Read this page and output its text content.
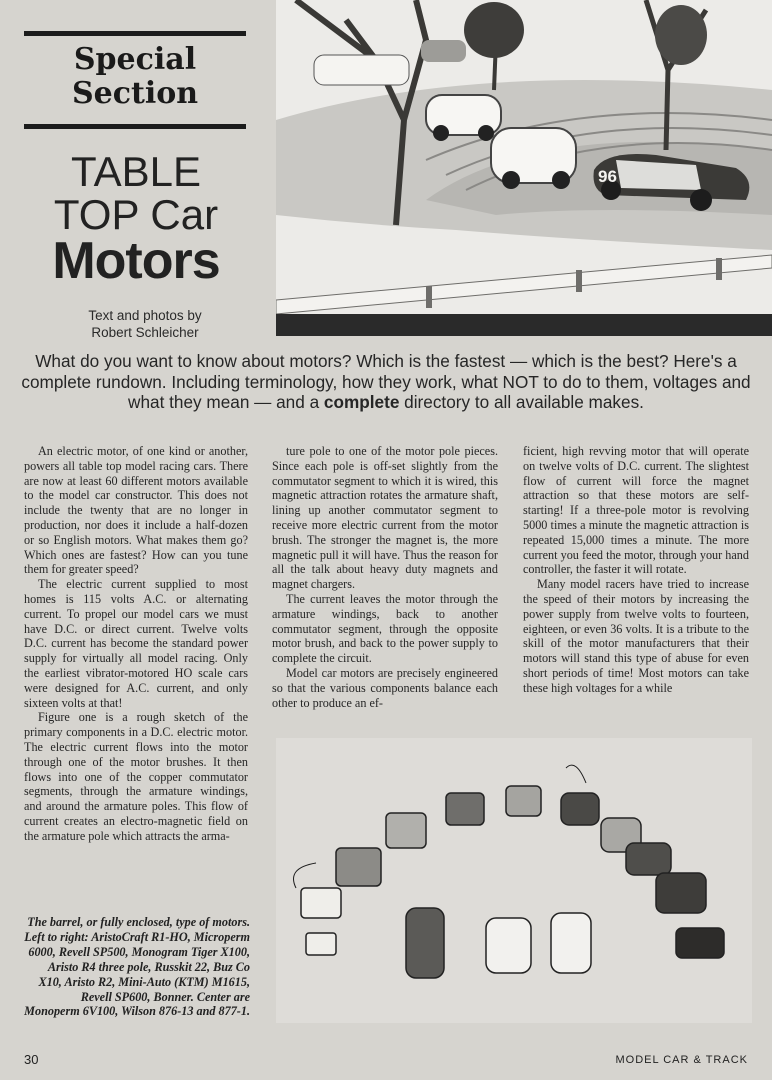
Special
Section
TABLE
TOP Car
Motors
Text and photos by
Robert Schleicher
96
What do you want to know about motors? Which is the fastest — which is the best? Here's a complete rundown. Including terminology, how they work, what NOT to do to them, voltages and what they mean — and a complete directory to all available makes.

An electric motor, of one kind or another, powers all table top model racing cars. There are now at least 60 different motors available to the model car constructor. This does not include the twenty that are no longer in production, nor does it include a half-dozen or so English motors. What makes them go? Which ones are fastest? How can you tune them for greater speed?

The electric current supplied to most homes is 115 volts A.C. or alternating current. To propel our model cars we must have D.C. or direct current. Twelve volts D.C. current has become the standard power supply for virtually all model racing. Only the earliest vibrator-motored HO scale cars were designed for A.C. current, and only sixteen volts at that!

Figure one is a rough sketch of the primary components in a D.C. electric motor. The electric current flows into the motor through one of the motor brushes. It then flows into one of the copper commutator segments, through the armature windings, and around the armature poles. This flow of current creates an electro-magnetic field on the armature pole which attracts the arma-

ture pole to one of the motor pole pieces. Since each pole is off-set slightly from the commutator segment to which it is wired, this magnetic attraction rotates the armature shaft, lining up another commutator segment to receive more electric current from the motor brush. The stronger the magnet is, the more magnetic pull it will have. Thus the reason for all the talk about heavy duty magnets and magnet chargers.

The current leaves the motor through the armature windings, back to another commutator segment, through the opposite motor brush, and back to the power supply to complete the circuit.

Model car motors are precisely engineered so that the various components balance each other to produce an ef-

ficient, high revving motor that will operate on twelve volts of D.C. current. The slightest flow of current will force the magnet attraction so that these motors are self-starting! If a three-pole motor is revolving 5000 times a minute the magnetic attraction is repeated 15,000 times a minute. The more current you feed the motor, through your hand controller, the faster it will rotate.

Many model racers have tried to increase the speed of their motors by increasing the power supply from twelve volts to fourteen, eighteen, or even 36 volts. It is a tribute to the skill of the motor manufacturers that their motors will stand this type of abuse for even short periods of time! Most motors can take these high voltages for a while

The barrel, or fully enclosed, type of motors. Left to right: AristoCraft R1-HO, Microperm 6000, Revell SP500, Monogram Tiger X100, Aristo R4 three pole, Russkit 22, Buz Co X10, Aristo R2, Mini-Auto (KTM) M1615, Revell SP600, Bonner. Center are Monoperm 6V100, Wilson 876-13 and 877-1.
30	MODEL CAR & TRACK
